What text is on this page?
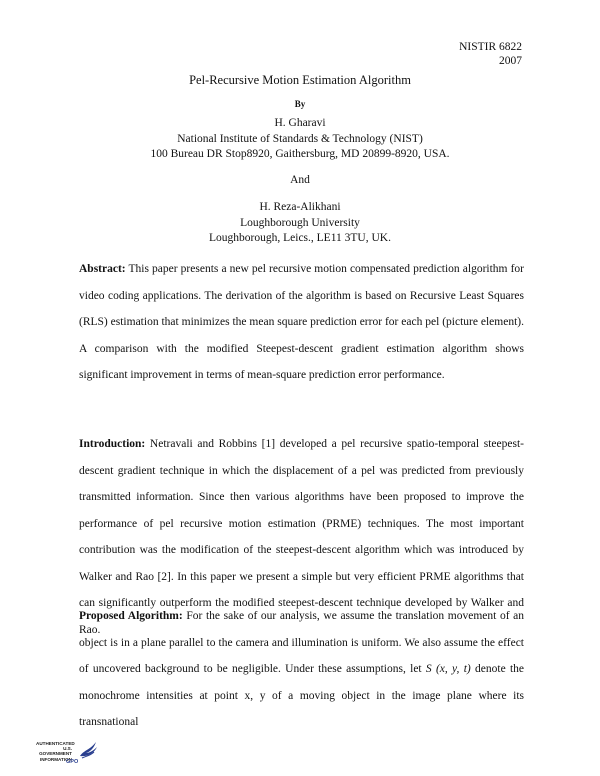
NISTIR 6822
2007
Pel-Recursive Motion Estimation Algorithm
By
H. Gharavi
National Institute of Standards & Technology (NIST)
100 Bureau DR Stop8920, Gaithersburg, MD 20899-8920, USA.
And
H. Reza-Alikhani
Loughborough University
Loughborough, Leics., LE11 3TU, UK.

Abstract: This paper presents a new pel recursive motion compensated prediction algorithm for video coding applications. The derivation of the algorithm is based on Recursive Least Squares (RLS) estimation that minimizes the mean square prediction error for each pel (picture element). A comparison with the modified Steepest-descent gradient estimation algorithm shows significant improvement in terms of mean-square prediction error performance.

Introduction: Netravali and Robbins [1] developed a pel recursive spatio-temporal steepest-descent gradient technique in which the displacement of a pel was predicted from previously transmitted information. Since then various algorithms have been proposed to improve the performance of pel recursive motion estimation (PRME) techniques. The most important contribution was the modification of the steepest-descent algorithm which was introduced by Walker and Rao [2]. In this paper we present a simple but very efficient PRME algorithms that can significantly outperform the modified steepest-descent technique developed by Walker and Rao.

Proposed Algorithm: For the sake of our analysis, we assume the translation movement of an object is in a plane parallel to the camera and illumination is uniform. We also assume the effect of uncovered background to be negligible. Under these assumptions, let S (x, y, t) denote the monochrome intensities at point x, y of a moving object in the image plane where its transnational

AUTHENTICATED
U.S. GOVERNMENT
INFORMATION
GPO
